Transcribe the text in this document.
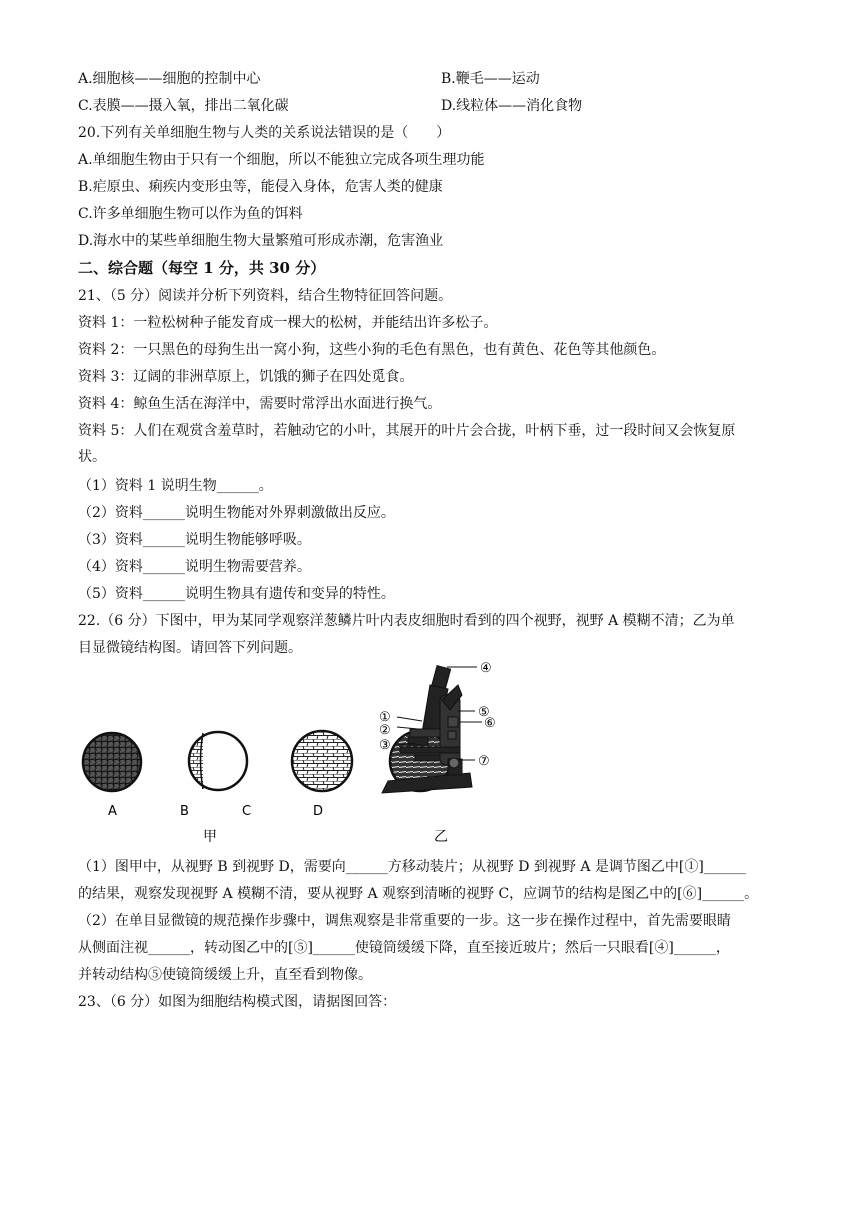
A.细胞核——细胞的控制中心	B.鞭毛——运动
C.表膜——摄入氧，排出二氧化碳	D.线粒体——消化食物
20.下列有关单细胞生物与人类的关系说法错误的是（　　）
A.单细胞生物由于只有一个细胞，所以不能独立完成各项生理功能
B.疟原虫、痢疾内变形虫等，能侵入身体，危害人类的健康
C.许多单细胞生物可以作为鱼的饵料
D.海水中的某些单细胞生物大量繁殖可形成赤潮，危害渔业
二、综合题（每空 1 分，共 30 分）
21、（5 分）阅读并分析下列资料，结合生物特征回答问题。
资料 1：一粒松树种子能发育成一棵大的松树，并能结出许多松子。
资料 2：一只黑色的母狗生出一窝小狗，这些小狗的毛色有黑色，也有黄色、花色等其他颜色。
资料 3：辽阔的非洲草原上，饥饿的狮子在四处觅食。
资料 4：鲸鱼生活在海洋中，需要时常浮出水面进行换气。
资料 5：人们在观赏含羞草时，若触动它的小叶，其展开的叶片会合拢，叶柄下垂，过一段时间又会恢复原
状。
（1）资料 1 说明生物______。
（2）资料______说明生物能对外界刺激做出反应。
（3）资料______说明生物能够呼吸。
（4）资料______说明生物需要营养。
（5）资料______说明生物具有遗传和变异的特性。
22.（6 分）下图中，甲为某同学观察洋葱鳞片叶内表皮细胞时看到的四个视野，视野 A 模糊不清；乙为单
目显微镜结构图。请回答下列问题。
④
①
②
③
⑤
⑥
⑦
A	B	C	D
甲	乙
（1）图甲中，从视野 B 到视野 D，需要向______方移动装片；从视野 D 到视野 A 是调节图乙中[①]______
的结果，观察发现视野 A 模糊不清，要从视野 A 观察到清晰的视野 C，应调节的结构是图乙中的[⑥]______。
（2）在单目显微镜的规范操作步骤中，调焦观察是非常重要的一步。这一步在操作过程中，首先需要眼睛
从侧面注视______，转动图乙中的[⑤]______使镜筒缓缓下降，直至接近玻片；然后一只眼看[④]______，
并转动结构⑤使镜筒缓缓上升，直至看到物像。
23、（6 分）如图为细胞结构模式图，请据图回答：
